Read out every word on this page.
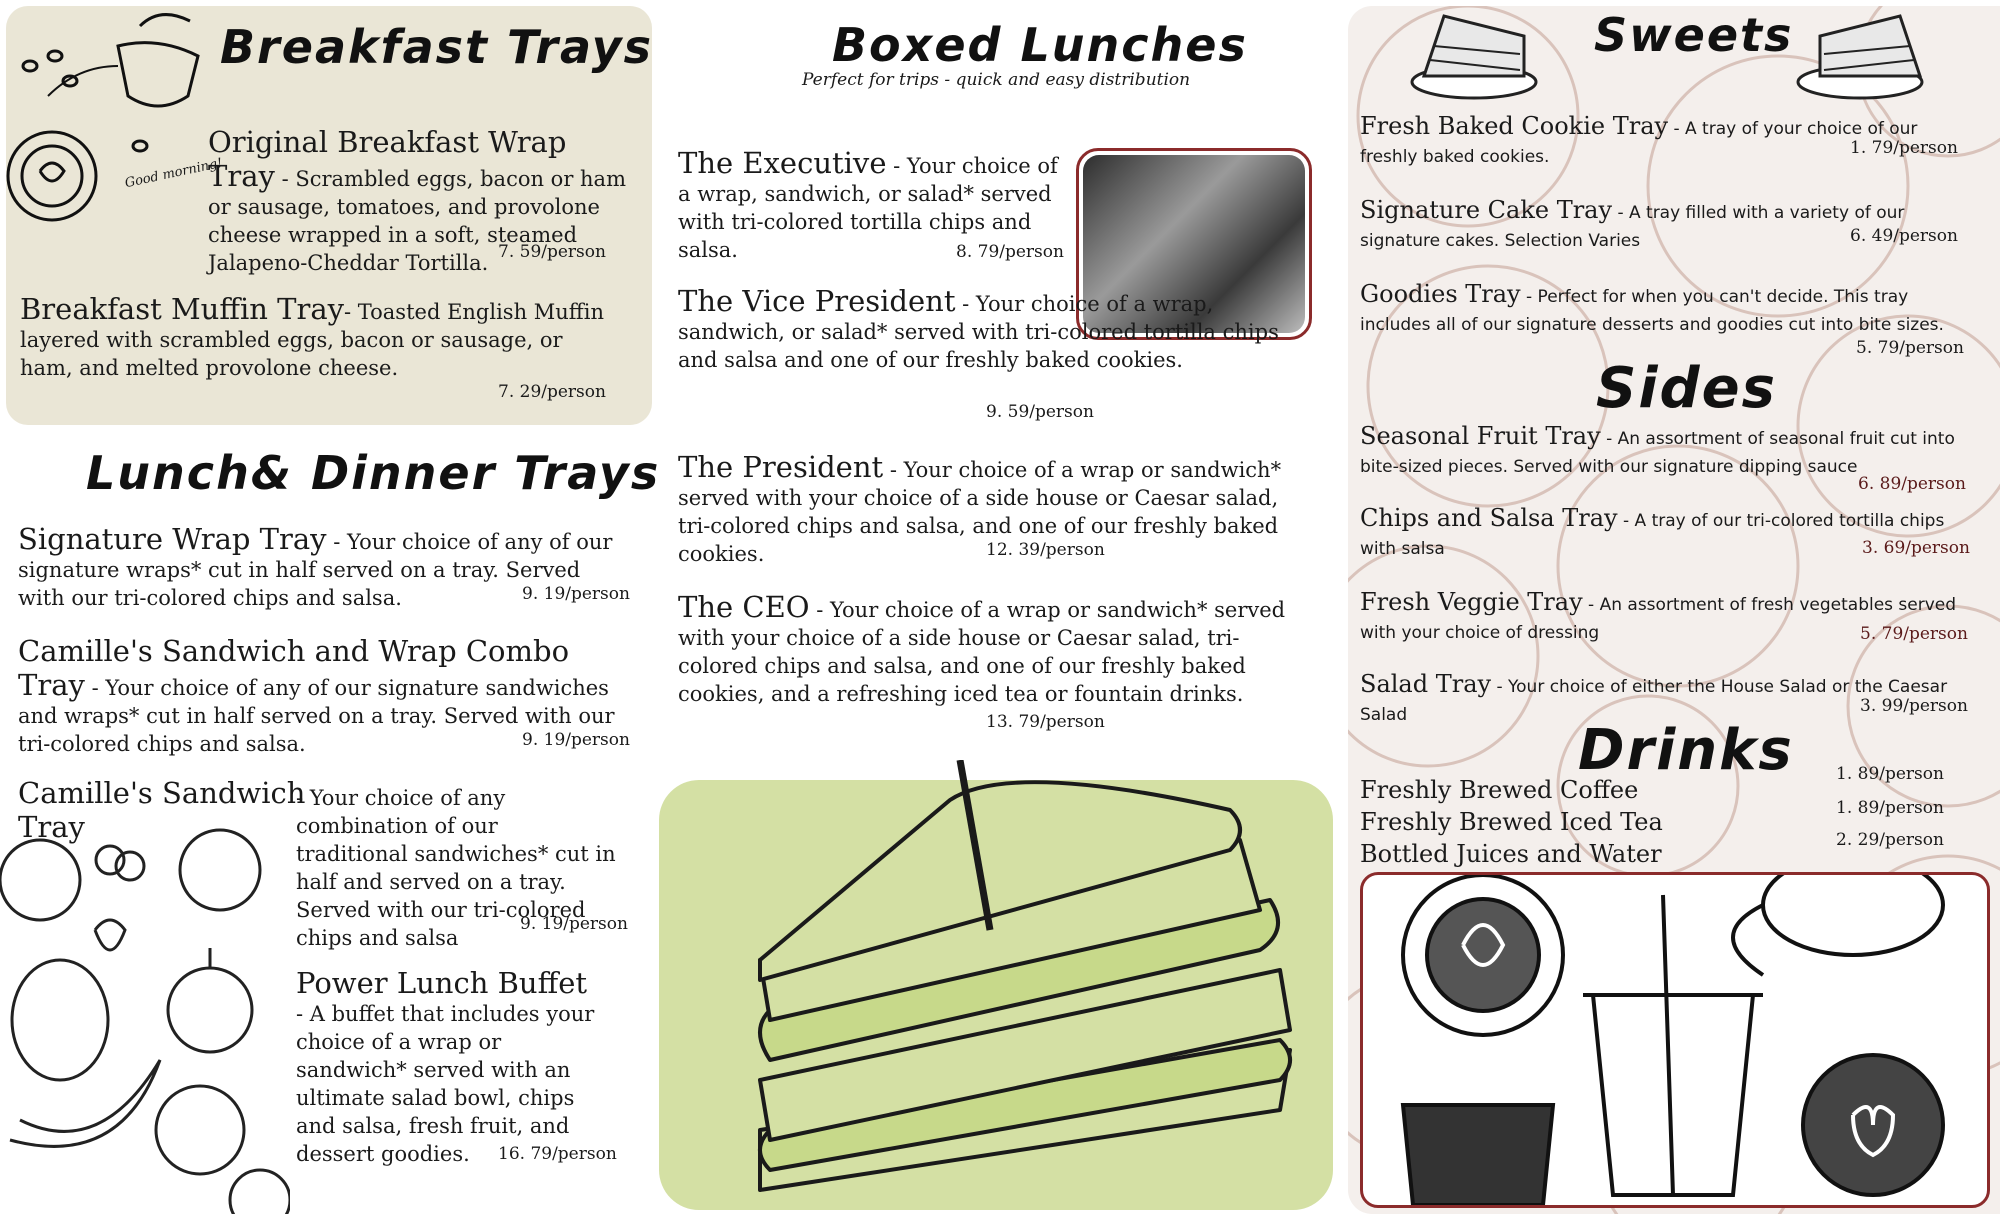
Good morning!
Breakfast Trays
Original Breakfast Wrap Tray - Scrambled eggs, bacon or ham or sausage, tomatoes, and provolone cheese wrapped in a soft, steamed Jalapeno-Cheddar Tortilla. 7. 59/person
Breakfast Muffin Tray- Toasted English Muffin layered with scrambled eggs, bacon or sausage, or ham, and melted provolone cheese.
7. 29/person
Lunch& Dinner Trays
Signature Wrap Tray - Your choice of any of our signature wraps* cut in half served on a tray. Served with our tri-colored chips and salsa.	9. 19/person
Camille's Sandwich and Wrap Combo Tray - Your choice of any of our signature sandwiches and wraps* cut in half served on a tray. Served with our tri-colored chips and salsa.	9. 19/person
Camille's Sandwich Tray
- Your choice of any combination of our traditional sandwiches* cut in half and served on a tray. Served with our tri-colored chips and salsa
9. 19/person
Power Lunch Buffet
- A buffet that includes your choice of a wrap or sandwich* served with an ultimate salad bowl, chips and salsa, fresh fruit, and dessert goodies.	16. 79/person
Boxed Lunches
Perfect for trips - quick and easy distribution
The Executive - Your choice of a wrap, sandwich, or salad* served with tri-colored tortilla chips and salsa.	8. 79/person
The Vice President - Your choice of a wrap, sandwich, or salad* served with tri-colored tortilla chips and salsa and one of our freshly baked cookies.
9. 59/person
The President - Your choice of a wrap or sandwich* served with your choice of a side house or Caesar salad, tri-colored chips and salsa, and one of our freshly baked cookies.	12. 39/person
The CEO - Your choice of a wrap or sandwich* served with your choice of a side house or Caesar salad, tri-colored chips and salsa, and one of our freshly baked cookies, and a refreshing iced tea or fountain drinks.
13. 79/person
Sweets
Fresh Baked Cookie Tray - A tray of your choice of our freshly baked cookies.	1. 79/person
Signature Cake Tray - A tray filled with a variety of our signature cakes. Selection Varies	6. 49/person
Goodies Tray - Perfect for when you can't decide. This tray includes all of our signature desserts and goodies cut into bite sizes.
5. 79/person
Sides
Seasonal Fruit Tray - An assortment of seasonal fruit cut into bite-sized pieces. Served with our signature dipping sauce
6. 89/person
Chips and Salsa Tray - A tray of our tri-colored tortilla chips with salsa	3. 69/person
Fresh Veggie Tray - An assortment of fresh vegetables served with your choice of dressing	5. 79/person
Salad Tray - Your choice of either the House Salad or the Caesar Salad	3. 99/person
Drinks
Freshly Brewed Coffee
1. 89/person
Freshly Brewed Iced Tea	1. 89/person
Bottled Juices and Water	2. 29/person
